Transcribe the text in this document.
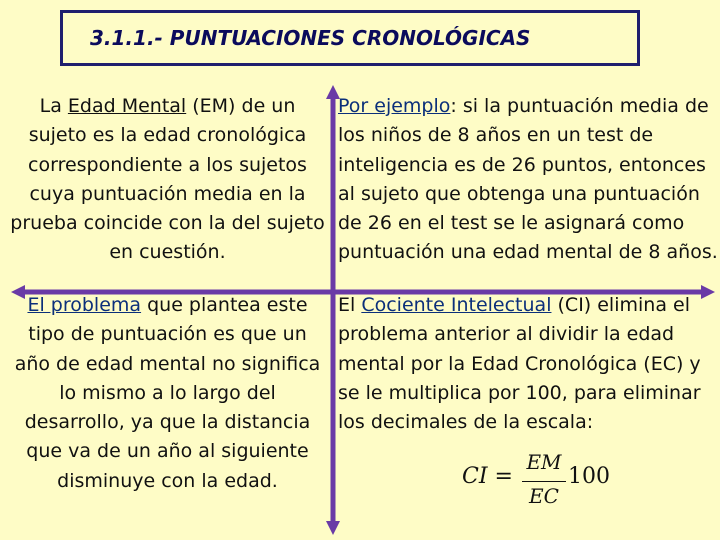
3.1.1.- PUNTUACIONES CRONOLÓGICAS
La Edad Mental (EM) de un sujeto es la edad cronológica correspondiente a los sujetos cuya puntuación media en la prueba coincide con la del sujeto en cuestión.
El problema que plantea este tipo de puntuación es que un año de edad mental no significa lo mismo a lo largo del desarrollo, ya que la distancia que va de un año al siguiente disminuye con la edad.
Por ejemplo: si la puntuación media de los niños de 8 años en un test de inteligencia es de 26 puntos, entonces al sujeto que obtenga una puntuación de 26 en el test se le asignará como puntuación una edad mental de 8 años.
El Cociente Intelectual (CI) elimina el problema anterior al dividir la edad mental por la Edad Cronológica (EC) y se le multiplica por 100, para eliminar los decimales de la escala:
CI =
EM
EC
100
